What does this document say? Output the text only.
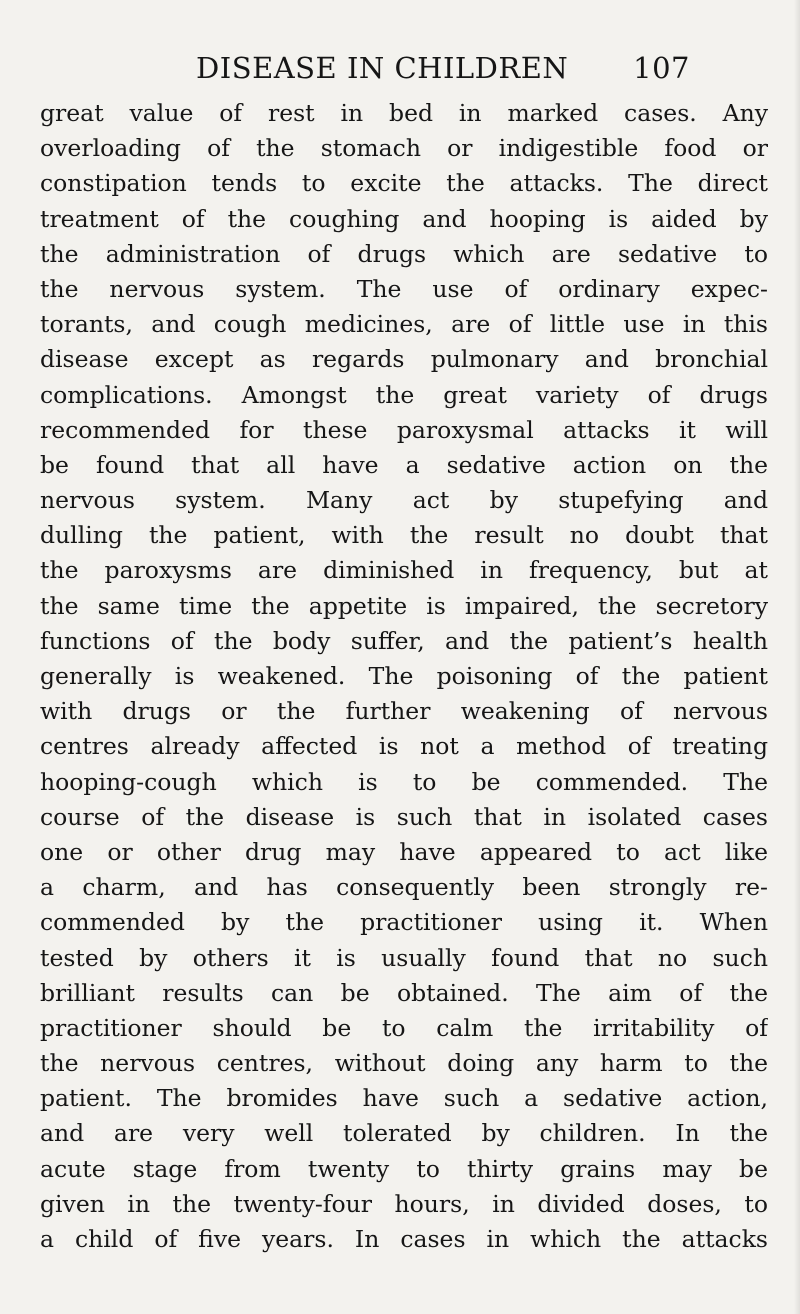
DISEASE IN CHILDREN 107
great value of rest in bed in marked cases. Any
overloading of the stomach or indigestible food or
constipation tends to excite the attacks. The direct
treatment of the coughing and hooping is aided by
the administration of drugs which are sedative to
the nervous system. The use of ordinary expec-
torants, and cough medicines, are of little use in this
disease except as regards pulmonary and bronchial
complications. Amongst the great variety of drugs
recommended for these paroxysmal attacks it will
be found that all have a sedative action on the
nervous system. Many act by stupefying and
dulling the patient, with the result no doubt that
the paroxysms are diminished in frequency, but at
the same time the appetite is impaired, the secretory
functions of the body suffer, and the patient’s health
generally is weakened. The poisoning of the patient
with drugs or the further weakening of nervous
centres already affected is not a method of treating
hooping-cough which is to be commended. The
course of the disease is such that in isolated cases
one or other drug may have appeared to act like
a charm, and has consequently been strongly re-
commended by the practitioner using it. When
tested by others it is usually found that no such
brilliant results can be obtained. The aim of the
practitioner should be to calm the irritability of
the nervous centres, without doing any harm to the
patient. The bromides have such a sedative action,
and are very well tolerated by children. In the
acute stage from twenty to thirty grains may be
given in the twenty-four hours, in divided doses, to
a child of five years. In cases in which the attacks
